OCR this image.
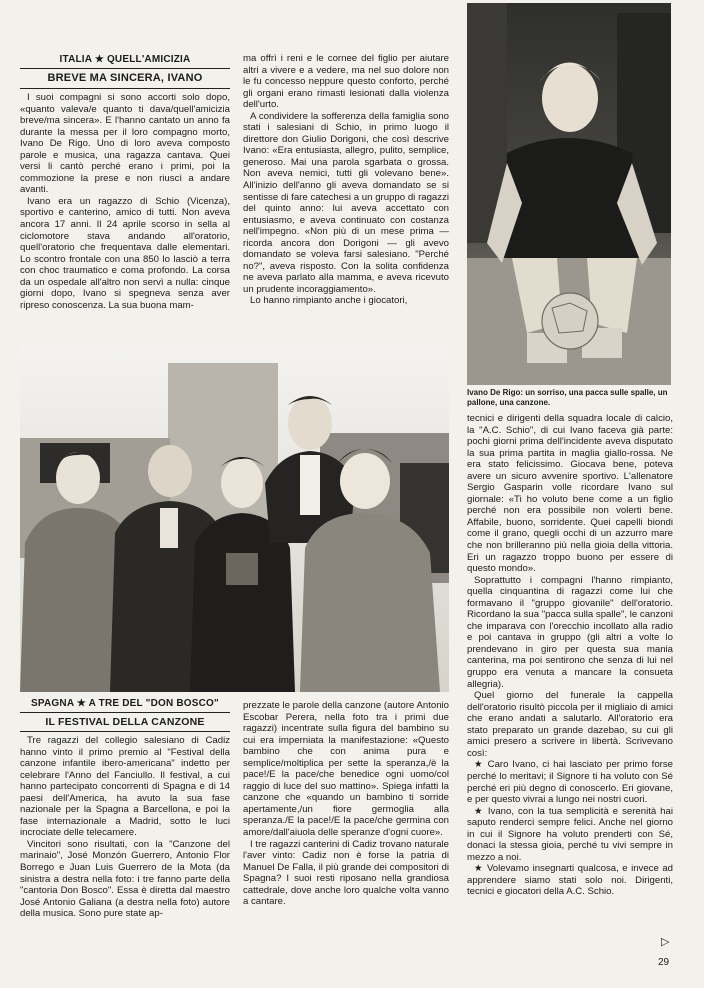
ITALIA ★ QUELL'AMICIZIA
BREVE MA SINCERA, IVANO

I suoi compagni si sono accorti solo dopo, «quanto valeva/e quanto ti dava/quell'amicizia breve/ma sincera». E l'hanno cantato un anno fa durante la messa per il loro compagno morto, Ivano De Rigo. Uno di loro aveva composto parole e musica, una ragazza cantava. Quei versi li cantò perché erano i primi, poi la commozione la prese e non riuscì a andare avanti.

Ivano era un ragazzo di Schio (Vicenza), sportivo e canterino, amico di tutti. Non aveva ancora 17 anni. Il 24 aprile scorso in sella al ciclomotore stava andando all'oratorio, quell'oratorio che frequentava dalle elementari. Lo scontro frontale con una 850 lo lasciò a terra con choc traumatico e coma profondo. La corsa da un ospedale all'altro non servì a nulla: cinque giorni dopo, Ivano si spegneva senza aver ripreso conoscenza. La sua buona mam-

ma offrì i reni e le cornee del figlio per aiutare altri a vivere e a vedere, ma nel suo dolore non le fu concesso neppure questo conforto, perché gli organi erano rimasti lesionati dalla violenza dell'urto.

A condividere la sofferenza della famiglia sono stati i salesiani di Schio, in primo luogo il direttore don Giulio Dorigoni, che così descrive Ivano: «Era entusiasta, allegro, pulito, semplice, generoso. Mai una parola sgarbata o grossa. Non aveva nemici, tutti gli volevano bene». All'inizio dell'anno gli aveva domandato se si sentisse di fare catechesi a un gruppo di ragazzi del quinto anno: lui aveva accettato con entusiasmo, e aveva continuato con costanza nell'impegno. «Non più di un mese prima — ricorda ancora don Dorigoni — gli avevo domandato se voleva farsi salesiano. "Perché no?", aveva risposto. Con la solita confidenza ne aveva parlato alla mamma, e aveva ricevuto un prudente incoraggiamento».

Lo hanno rimpianto anche i giocatori,

Ivano De Rigo: un sorriso, una pacca sulle spalle, un pallone, una canzone.
SPAGNA ★ A TRE DEL "DON BOSCO"
IL FESTIVAL DELLA CANZONE

Tre ragazzi del collegio salesiano di Cadiz hanno vinto il primo premio al "Festival della canzone infantile ibero-americana" indetto per celebrare l'Anno del Fanciullo. Il festival, a cui hanno partecipato concorrenti di Spagna e di 14 paesi dell'America, ha avuto la sua fase nazionale per la Spagna a Barcellona, e poi la fase internazionale a Madrid, sotto le luci incrociate delle telecamere.

Vincitori sono risultati, con la "Canzone del marinaio", José Monzón Guerrero, Antonio Flor Borrego e Juan Luis Guerrero de la Mota (da sinistra a destra nella foto: i tre fanno parte della "cantoria Don Bosco". Essa è diretta dal maestro José Antonio Galiana (a destra nella foto) autore della musica. Sono pure state ap-

prezzate le parole della canzone (autore Antonio Escobar Perera, nella foto tra i primi due ragazzi) incentrate sulla figura del bambino su cui era imperniata la manifestazione: «Questo bambino che con anima pura e semplice/moltiplica per sette la speranza,/è la pace!/E la pace/che benedice ogni uomo/col raggio di luce del suo mattino». Spiega infatti la canzone che «quando un bambino ti sorride apertamente,/un fiore germoglia alla speranza./E la pace!/E la pace/che germina con amore/dall'aiuola delle speranze d'ogni cuore».

I tre ragazzi canterini di Cadiz trovano naturale l'aver vinto: Cadiz non è forse la patria di Manuel De Falla, il più grande dei compositori di Spagna? I suoi resti riposano nella grandiosa cattedrale, dove anche loro qualche volta vanno a cantare.

tecnici e dirigenti della squadra locale di calcio, la "A.C. Schio", di cui Ivano faceva già parte: pochi giorni prima dell'incidente aveva disputato la sua prima partita in maglia giallo-rossa. Ne era stato felicissimo. Giocava bene, poteva avere un sicuro avvenire sportivo. L'allenatore Sergio Gasparin volle ricordare Ivano sul giornale: «Ti ho voluto bene come a un figlio perché non era possibile non volerti bene. Affabile, buono, sorridente. Quei capelli biondi come il grano, quegli occhi di un azzurro mare che non brilleranno più nella gioia della vittoria. Eri un ragazzo troppo buono per essere di questo mondo».

Soprattutto i compagni l'hanno rimpianto, quella cinquantina di ragazzi come lui che formavano il "gruppo giovanile" dell'oratorio. Ricordano la sua "pacca sulla spalle", le canzoni che imparava con l'orecchio incollato alla radio e poi cantava in gruppo (gli altri a volte lo prendevano in giro per questa sua mania canterina, ma poi sentirono che senza di lui nel gruppo era venuta a mancare la consueta allegria).

Quel giorno del funerale la cappella dell'oratorio risultò piccola per il migliaio di amici che erano andati a salutarlo. All'oratorio era stato preparato un grande dazebao, su cui gli amici presero a scrivere in libertà. Scrivevano così:

★ Caro Ivano, ci hai lasciato per primo forse perché lo meritavi; il Signore ti ha voluto con Sé perché eri più degno di conoscerlo. Eri giovane, e per questo vivrai a lungo nei nostri cuori.

★ Ivano, con la tua semplicità e serenità hai saputo renderci sempre felici. Anche nel giorno in cui il Signore ha voluto prenderti con Sé, donaci la stessa gioia, perché tu vivi sempre in mezzo a noi.

★ Volevamo insegnarti qualcosa, e invece ad apprendere siamo stati solo noi. Dirigenti, tecnici e giocatori della A.C. Schio.

▷
29
